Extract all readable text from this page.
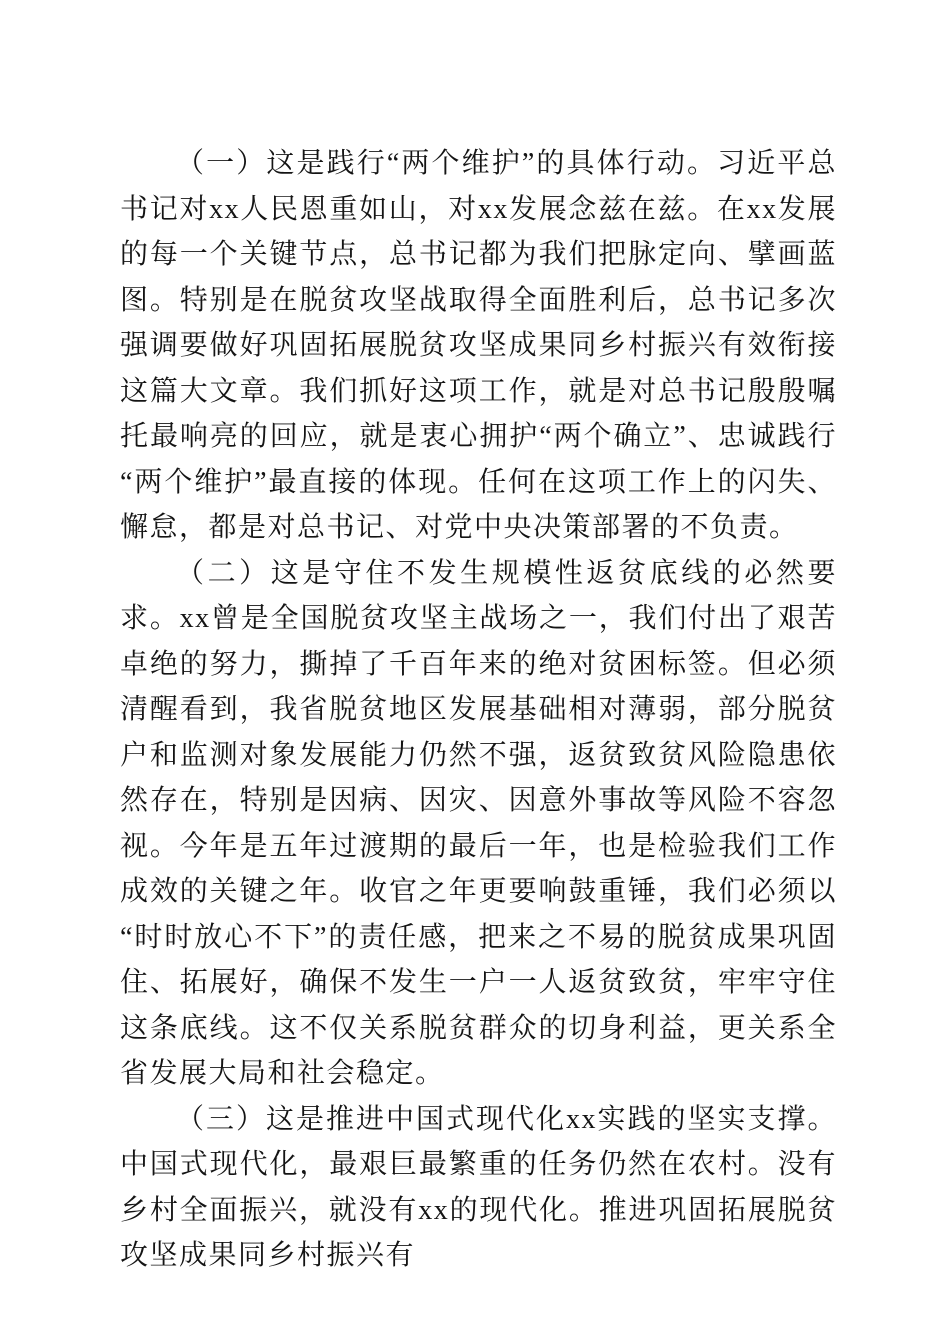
（一）这是践行“两个维护”的具体行动。习近平总书记对xx人民恩重如山，对xx发展念兹在兹。在xx发展的每一个关键节点，总书记都为我们把脉定向、擘画蓝图。特别是在脱贫攻坚战取得全面胜利后，总书记多次强调要做好巩固拓展脱贫攻坚成果同乡村振兴有效衔接这篇大文章。我们抓好这项工作，就是对总书记殷殷嘱托最响亮的回应，就是衷心拥护“两个确立”、忠诚践行“两个维护”最直接的体现。任何在这项工作上的闪失、懈怠，都是对总书记、对党中央决策部署的不负责。

（二）这是守住不发生规模性返贫底线的必然要求。xx曾是全国脱贫攻坚主战场之一，我们付出了艰苦卓绝的努力，撕掉了千百年来的绝对贫困标签。但必须清醒看到，我省脱贫地区发展基础相对薄弱，部分脱贫户和监测对象发展能力仍然不强，返贫致贫风险隐患依然存在，特别是因病、因灾、因意外事故等风险不容忽视。今年是五年过渡期的最后一年，也是检验我们工作成效的关键之年。收官之年更要响鼓重锤，我们必须以“时时放心不下”的责任感，把来之不易的脱贫成果巩固住、拓展好，确保不发生一户一人返贫致贫，牢牢守住这条底线。这不仅关系脱贫群众的切身利益，更关系全省发展大局和社会稳定。

（三）这是推进中国式现代化xx实践的坚实支撑。中国式现代化，最艰巨最繁重的任务仍然在农村。没有乡村全面振兴，就没有xx的现代化。推进巩固拓展脱贫攻坚成果同乡村振兴有
